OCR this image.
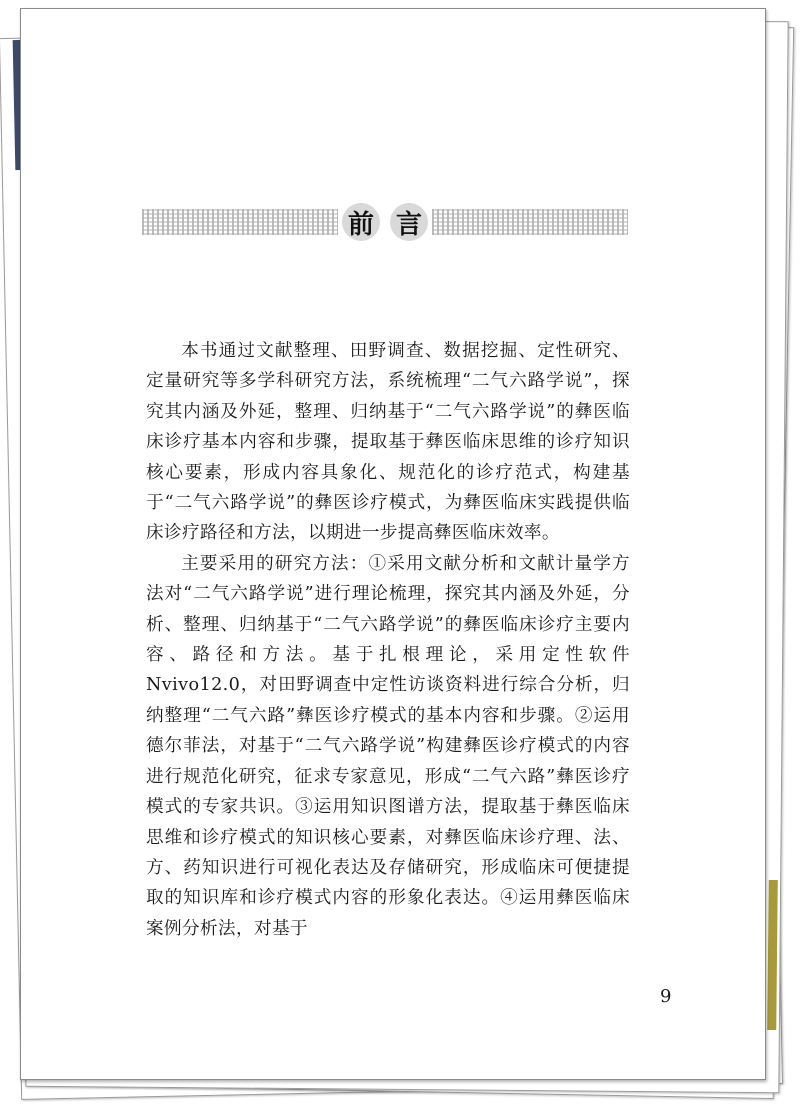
前 言

本书通过文献整理、田野调查、数据挖掘、定性研究、定量研究等多学科研究方法，系统梳理“二气六路学说”，探究其内涵及外延，整理、归纳基于“二气六路学说”的彝医临床诊疗基本内容和步骤，提取基于彝医临床思维的诊疗知识核心要素，形成内容具象化、规范化的诊疗范式，构建基于“二气六路学说”的彝医诊疗模式，为彝医临床实践提供临床诊疗路径和方法，以期进一步提高彝医临床效率。

主要采用的研究方法：①采用文献分析和文献计量学方法对“二气六路学说”进行理论梳理，探究其内涵及外延，分析、整理、归纳基于“二气六路学说”的彝医临床诊疗主要内容、路径和方法。基于扎根理论，采用定性软件 Nvivo12.0，对田野调查中定性访谈资料进行综合分析，归纳整理“二气六路”彝医诊疗模式的基本内容和步骤。②运用德尔菲法，对基于“二气六路学说”构建彝医诊疗模式的内容进行规范化研究，征求专家意见，形成“二气六路”彝医诊疗模式的专家共识。③运用知识图谱方法，提取基于彝医临床思维和诊疗模式的知识核心要素，对彝医临床诊疗理、法、方、药知识进行可视化表达及存储研究，形成临床可便捷提取的知识库和诊疗模式内容的形象化表达。④运用彝医临床案例分析法，对基于

9
